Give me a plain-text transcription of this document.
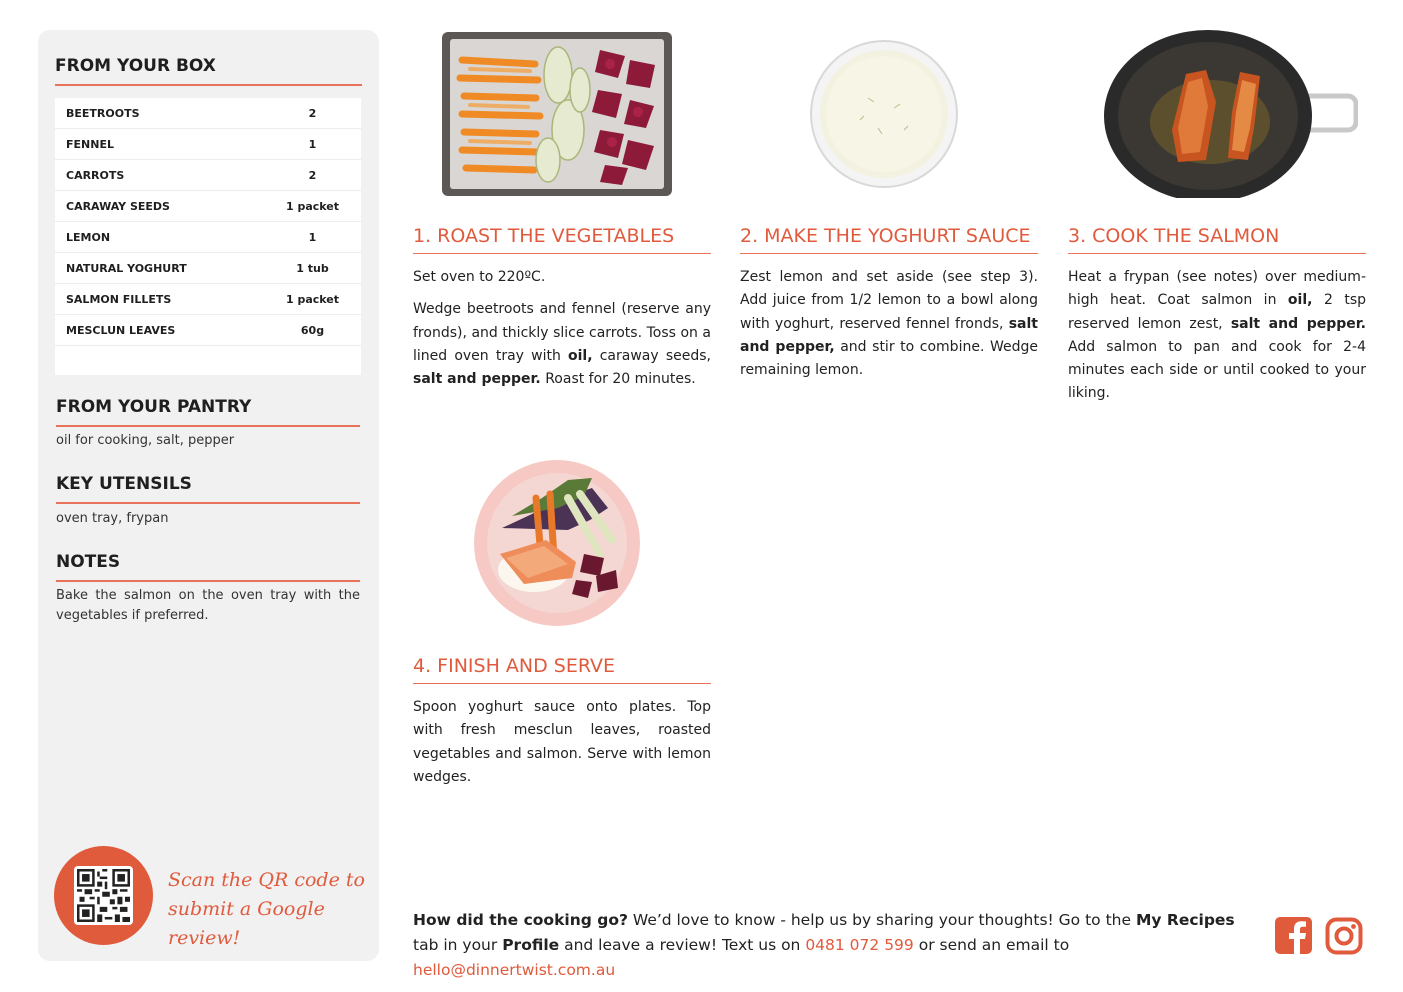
FROM YOUR BOX
BEETROOTS	2
FENNEL	1
CARROTS	2
CARAWAY SEEDS	1 packet
LEMON	1
NATURAL YOGHURT	1 tub
SALMON FILLETS	1 packet
MESCLUN LEAVES	60g
FROM YOUR PANTRY
oil for cooking, salt, pepper
KEY UTENSILS
oven tray, frypan
NOTES
Bake the salmon on the oven tray with the vegetables if preferred.
Scan the QR code to
submit a Google review!
1. ROAST THE VEGETABLES

Set oven to 220ºC.

Wedge beetroots and fennel (reserve any fronds), and thickly slice carrots. Toss on a lined oven tray with oil, caraway seeds, salt and pepper. Roast for 20 minutes.

2. MAKE THE YOGHURT SAUCE

Zest lemon and set aside (see step 3). Add juice from 1/2 lemon to a bowl along with yoghurt, reserved fennel fronds, salt and pepper, and stir to combine. Wedge remaining lemon.

3. COOK THE SALMON

Heat a frypan (see notes) over medium-high heat. Coat salmon in oil, 2 tsp reserved lemon zest, salt and pepper. Add salmon to pan and cook for 2-4 minutes each side or until cooked to your liking.

4. FINISH AND SERVE

Spoon yoghurt sauce onto plates. Top with fresh mesclun leaves, roasted vegetables and salmon. Serve with lemon wedges.

How did the cooking go? We’d love to know - help us by sharing your thoughts! Go to the My Recipes tab in your Profile and leave a review! Text us on 0481 072 599 or send an email to hello@dinnertwist.com.au
